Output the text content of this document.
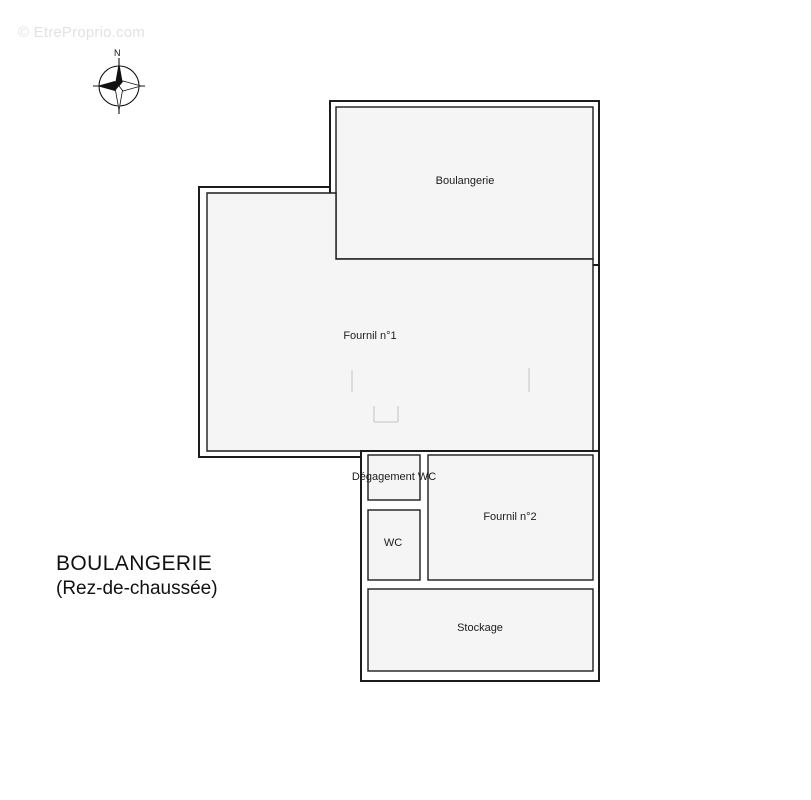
© EtreProprio.com
N
Boulangerie
Fournil n°1
Dégagement WC
WC
Fournil n°2
Stockage
BOULANGERIE
(Rez-de-chaussée)
